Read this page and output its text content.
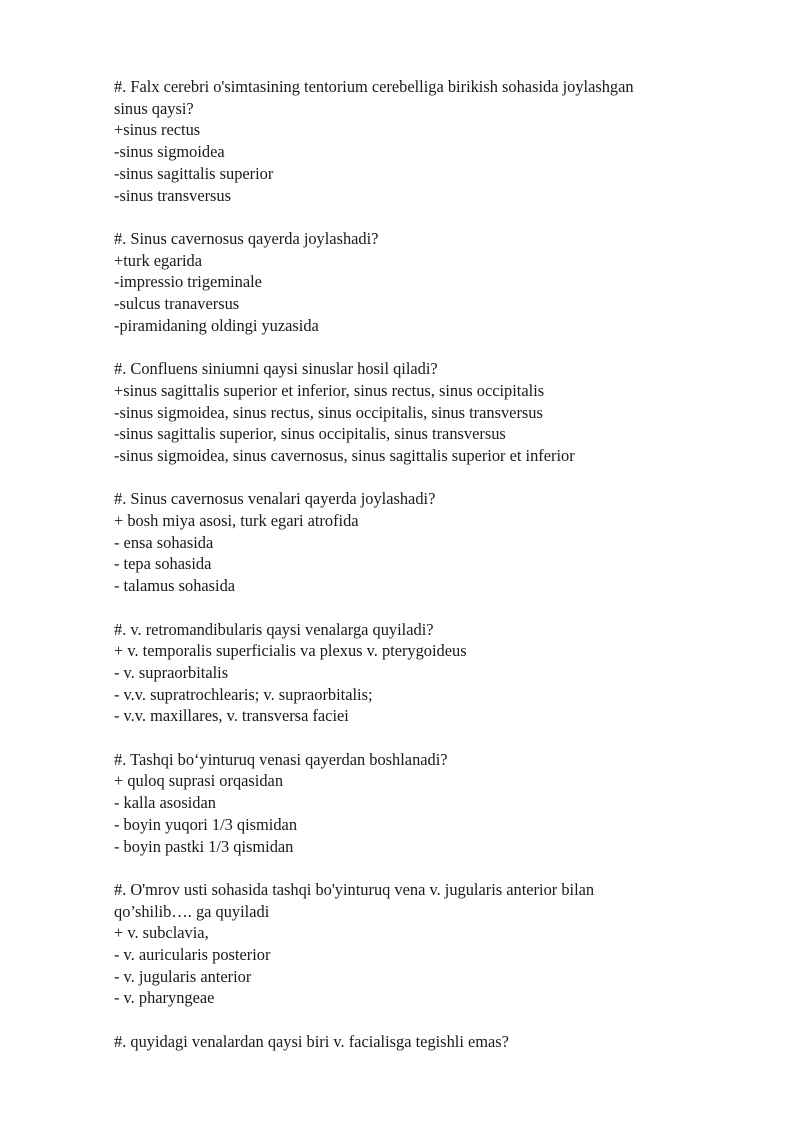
#. Falx cerebri o'simtasining tentorium cerebelliga birikish sohasida joylashgan
sinus qaysi?
+sinus rectus
-sinus sigmoidea
-sinus sagittalis superior
-sinus transversus
#. Sinus cavernosus qayerda joylashadi?
+turk egarida
-impressio trigeminale
-sulcus tranaversus
-piramidaning oldingi yuzasida
#. Confluens siniumni qaysi sinuslar hosil qiladi?
+sinus sagittalis superior et inferior, sinus rectus, sinus occipitalis
-sinus sigmoidea, sinus rectus, sinus occipitalis, sinus transversus
-sinus sagittalis superior, sinus occipitalis, sinus transversus
-sinus sigmoidea, sinus cavernosus, sinus sagittalis superior et inferior
#. Sinus cavernosus venalari qayerda joylashadi?
+ bosh miya asosi, turk egari atrofida
- ensa sohasida
- tepa sohasida
- talamus sohasida
#. v. retromandibularis qaysi venalarga quyiladi?
+ v. temporalis superficialis va plexus v. pterygoideus
- v. supraorbitalis
- v.v. supratrochlearis; v. supraorbitalis;
- v.v. maxillares, v. transversa faciei
#. Tashqi bo‘yinturuq venasi qayerdan boshlanadi?
+ quloq suprasi orqasidan
- kalla asosidan
- boyin yuqori 1/3 qismidan
- boyin pastki 1/3 qismidan
#. O'mrov usti sohasida tashqi bo'yinturuq vena v. jugularis anterior bilan
qo’shilib…. ga quyiladi
+ v. subclavia,
- v. auricularis posterior
- v. jugularis anterior
- v. pharyngeae
#. quyidagi venalardan qaysi biri v. facialisga tegishli emas?
